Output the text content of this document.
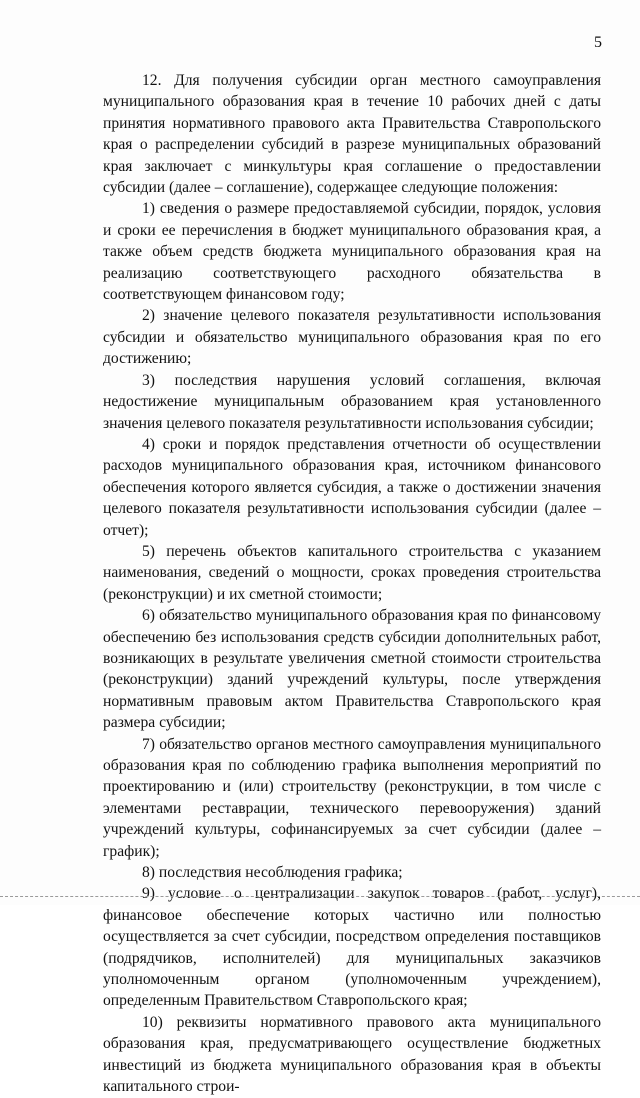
5

12. Для получения субсидии орган местного самоуправления муниципального образования края в течение 10 рабочих дней с даты принятия нормативного правового акта Правительства Ставропольского края о распределении субсидий в разрезе муниципальных образований края заключает с минкультуры края соглашение о предоставлении субсидии (далее – соглашение), содержащее следующие положения:

1) сведения о размере предоставляемой субсидии, порядок, условия и сроки ее перечисления в бюджет муниципального образования края, а также объем средств бюджета муниципального образования края на реализацию соответствующего расходного обязательства в соответствующем финансовом году;

2) значение целевого показателя результативности использования субсидии и обязательство муниципального образования края по его достижению;

3) последствия нарушения условий соглашения, включая недостижение муниципальным образованием края установленного значения целевого показателя результативности использования субсидии;

4) сроки и порядок представления отчетности об осуществлении расходов муниципального образования края, источником финансового обеспечения которого является субсидия, а также о достижении значения целевого показателя результативности использования субсидии (далее – отчет);

5) перечень объектов капитального строительства с указанием наименования, сведений о мощности, сроках проведения строительства (реконструкции) и их сметной стоимости;

6) обязательство муниципального образования края по финансовому обеспечению без использования средств субсидии дополнительных работ, возникающих в результате увеличения сметной стоимости строительства (реконструкции) зданий учреждений культуры, после утверждения нормативным правовым актом Правительства Ставропольского края размера субсидии;

7) обязательство органов местного самоуправления муниципального образования края по соблюдению графика выполнения мероприятий по проектированию и (или) строительству (реконструкции, в том числе с элементами реставрации, технического перевооружения) зданий учреждений культуры, софинансируемых за счет субсидии (далее – график);

8) последствия несоблюдения графика;

9) условие о централизации закупок товаров (работ, услуг), финансовое обеспечение которых частично или полностью осуществляется за счет субсидии, посредством определения поставщиков (подрядчиков, исполнителей) для муниципальных заказчиков уполномоченным органом (уполномоченным учреждением), определенным Правительством Ставропольского края;

10) реквизиты нормативного правового акта муниципального образования края, предусматривающего осуществление бюджетных инвестиций из бюджета муниципального образования края в объекты капитального строи-
